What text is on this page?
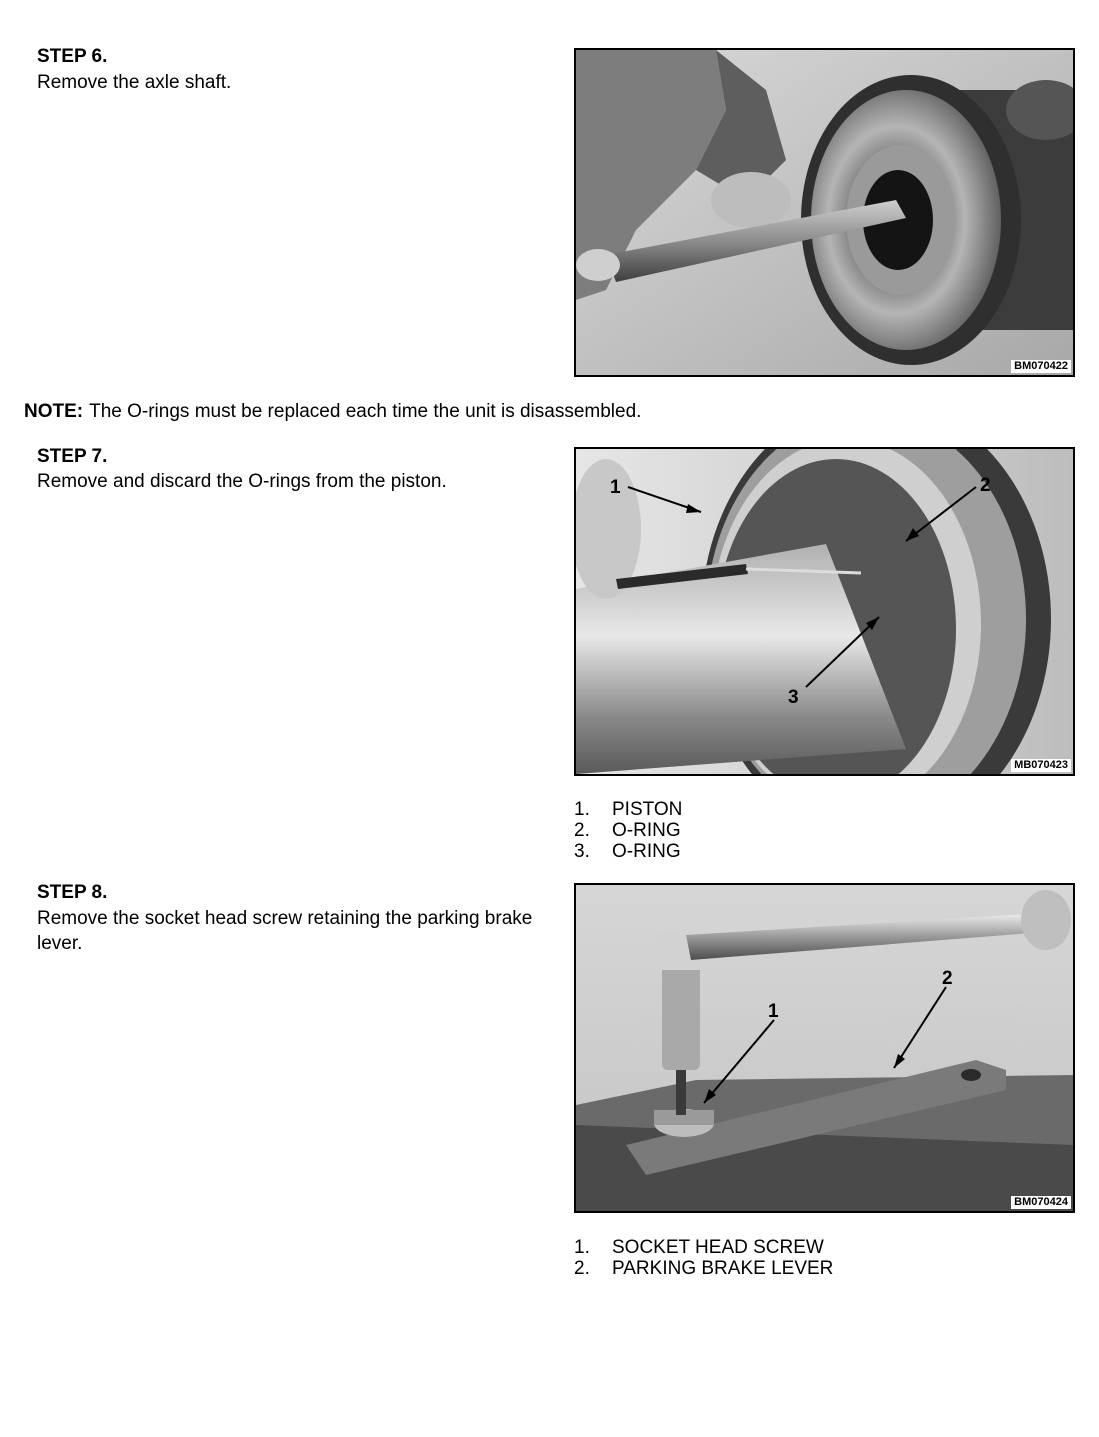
STEP 6.
Remove the axle shaft.
BM070422
NOTE: The O-rings must be replaced each time the unit is disassembled.
STEP 7.
Remove and discard the O-rings from the piston.	1	2
3
MB070423
1.	PISTON
2.	O-RING
3.	O-RING
STEP 8.
Remove the socket head screw retaining the parking brake lever.
1
2
BM070424
1.	SOCKET HEAD SCREW
2.	PARKING BRAKE LEVER
